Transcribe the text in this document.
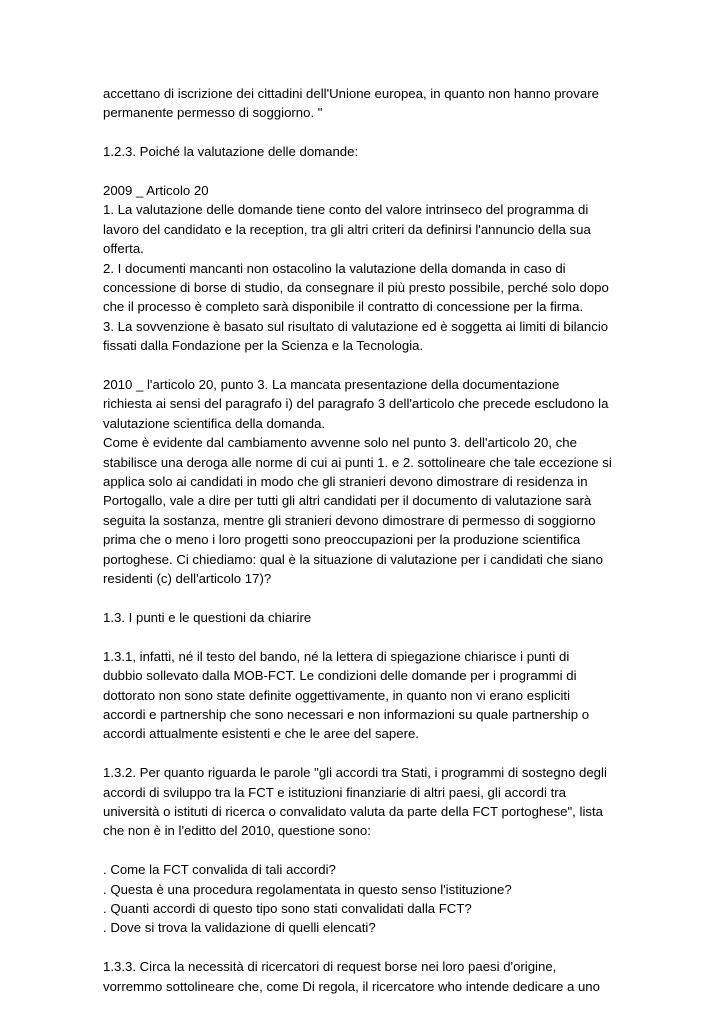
accettano di iscrizione dei cittadini dell'Unione europea, in quanto non hanno provare
permanente permesso di soggiorno. "
1.2.3. Poiché la valutazione delle domande:
2009 _ Articolo 20
1. La valutazione delle domande tiene conto del valore intrinseco del programma di
lavoro del candidato e la reception, tra gli altri criteri da definirsi l'annuncio della sua
offerta.
2. I documenti mancanti non ostacolino la valutazione della domanda in caso di
concessione di borse di studio, da consegnare il più presto possibile, perché solo dopo
che il processo è completo sarà disponibile il contratto di concessione per la firma.
3. La sovvenzione è basato sul risultato di valutazione ed è soggetta ai limiti di bilancio
fissati dalla Fondazione per la Scienza e la Tecnologia.
2010 _ l'articolo 20, punto 3. La mancata presentazione della documentazione
richiesta ai sensi del paragrafo i) del paragrafo 3 dell'articolo che precede escludono la
valutazione scientifica della domanda.
Come è evidente dal cambiamento avvenne solo nel punto 3. dell'articolo 20, che
stabilisce una deroga alle norme di cui ai punti 1. e 2. sottolineare che tale eccezione si
applica solo ai candidati in modo che gli stranieri devono dimostrare di residenza in
Portogallo, vale a dire per tutti gli altri candidati per il documento di valutazione sarà
seguita la sostanza, mentre gli stranieri devono dimostrare di permesso di soggiorno
prima che o meno i loro progetti sono preoccupazioni per la produzione scientifica
portoghese. Ci chiediamo: qual è la situazione di valutazione per i candidati che siano
residenti (c) dell'articolo 17)?
1.3. I punti e le questioni da chiarire
1.3.1, infatti, né il testo del bando, né la lettera di spiegazione chiarisce i punti di
dubbio sollevato dalla MOB-FCT. Le condizioni delle domande per i programmi di
dottorato non sono state definite oggettivamente, in quanto non vi erano espliciti
accordi e partnership che sono necessari e non informazioni su quale partnership o
accordi attualmente esistenti e che le aree del sapere.
1.3.2. Per quanto riguarda le parole "gli accordi tra Stati, i programmi di sostegno degli
accordi di sviluppo tra la FCT e istituzioni finanziarie di altri paesi, gli accordi tra
università o istituti di ricerca o convalidato valuta da parte della FCT portoghese", lista
che non è in l'editto del 2010, questione sono:
. Come la FCT convalida di tali accordi?
. Questa è una procedura regolamentata in questo senso l'istituzione?
. Quanti accordi di questo tipo sono stati convalidati dalla FCT?
. Dove si trova la validazione di quelli elencati?
1.3.3. Circa la necessità di ricercatori di request borse nei loro paesi d'origine,
vorremmo sottolineare che, come Di regola, il ricercatore who intende dedicare a uno
